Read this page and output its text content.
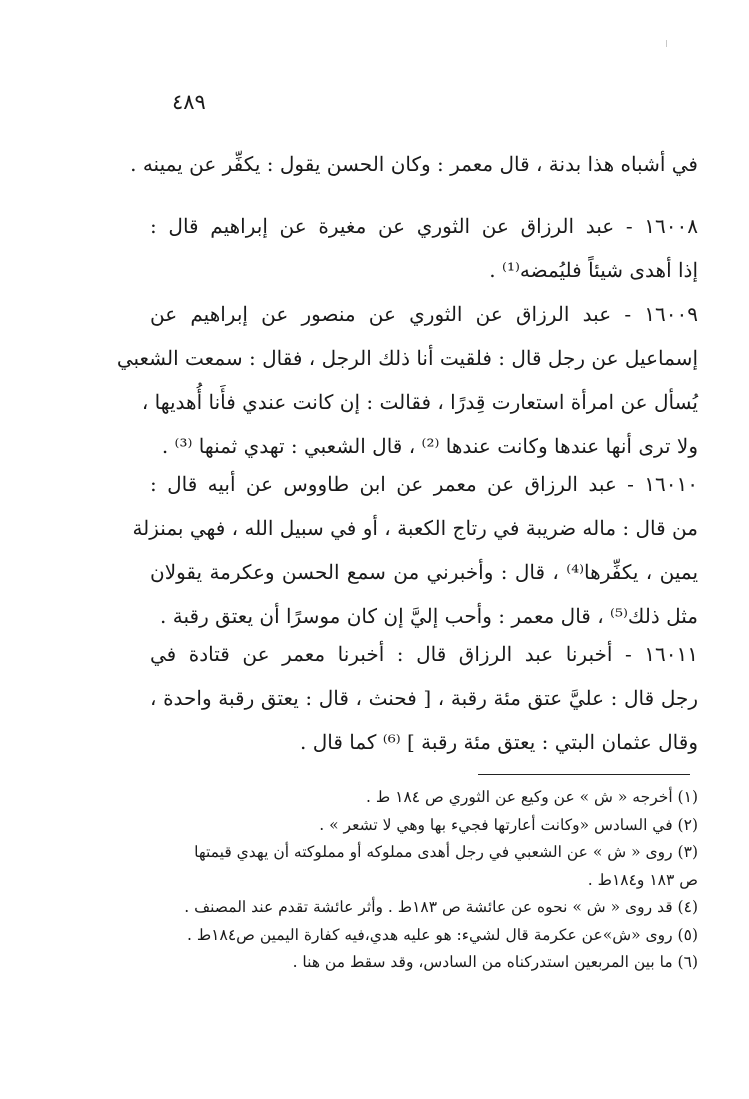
٤٨٩
في أشباه هذا بدنة ، قال معمر : وكان الحسن يقول : يكفِّر عن يمينه .
١٦٠٠٨ - عبد الرزاق عن الثوري عن مغيرة عن إبراهيم قال :
إذا أهدى شيئاً فليُمضه⁽¹⁾ .
١٦٠٠٩ - عبد الرزاق عن الثوري عن منصور عن إبراهيم عن
إسماعيل عن رجل قال : فلقيت أنا ذلك الرجل ، فقال : سمعت الشعبي
يُسأل عن امرأة استعارت قِدرًا ، فقالت : إن كانت عندي فأَنا أُهديها ،
ولا ترى أنها عندها وكانت عندها ⁽²⁾ ، قال الشعبي : تهدي ثمنها ⁽³⁾ .
١٦٠١٠ - عبد الرزاق عن معمر عن ابن طاووس عن أبيه قال :
من قال : ماله ضريبة في رتاج الكعبة ، أو في سبيل الله ، فهي بمنزلة
يمين ، يكفِّرها⁽⁴⁾ ، قال : وأخبرني من سمع الحسن وعكرمة يقولان
مثل ذلك⁽⁵⁾ ، قال معمر : وأحب إليَّ إن كان موسرًا أن يعتق رقبة .
١٦٠١١ - أخبرنا عبد الرزاق قال : أخبرنا معمر عن قتادة في
رجل قال : عليَّ عتق مئة رقبة ، [ فحنث ، قال : يعتق رقبة واحدة ،
وقال عثمان البتي : يعتق مئة رقبة ] ⁽⁶⁾ كما قال .
(١) أخرجه « ش » عن وكيع عن الثوري ص ١٨٤ ط .
(٢) في السادس «وكانت أعارتها فجيء بها وهي لا تشعر » .
(٣) روى « ش » عن الشعبي في رجل أهدى مملوكه أو مملوكته أن يهدي قيمتها
ص ١٨٣ و١٨٤ط .
(٤) قد روى « ش » نحوه عن عائشة ص ١٨٣ط . وأثر عائشة تقدم عند المصنف .
(٥) روى «ش»عن عكرمة قال لشيء: هو عليه هدي،فيه كفارة اليمين ص١٨٤ط .
(٦) ما بين المربعين استدركناه من السادس، وقد سقط من هنا .
